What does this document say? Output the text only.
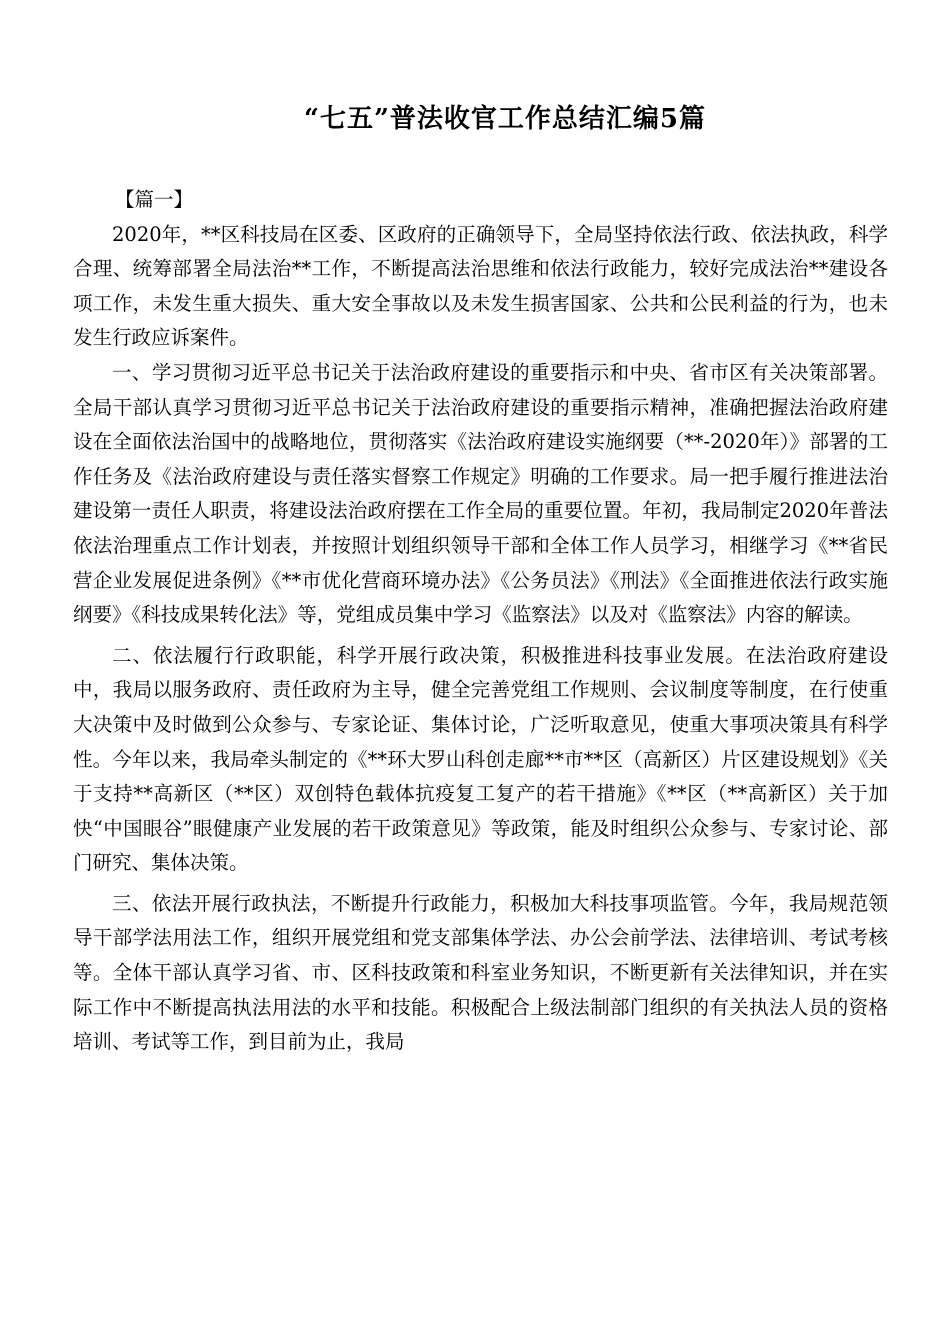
“七五”普法收官工作总结汇编5篇

【篇一】

2020年，**区科技局在区委、区政府的正确领导下，全局坚持依法行政、依法执政，科学合理、统筹部署全局法治**工作，不断提高法治思维和依法行政能力，较好完成法治**建设各项工作，未发生重大损失、重大安全事故以及未发生损害国家、公共和公民利益的行为，也未发生行政应诉案件。

一、学习贯彻习近平总书记关于法治政府建设的重要指示和中央、省市区有关决策部署。全局干部认真学习贯彻习近平总书记关于法治政府建设的重要指示精神，准确把握法治政府建设在全面依法治国中的战略地位，贯彻落实《法治政府建设实施纲要（**-2020年）》部署的工作任务及《法治政府建设与责任落实督察工作规定》明确的工作要求。局一把手履行推进法治建设第一责任人职责，将建设法治政府摆在工作全局的重要位置。年初，我局制定2020年普法依法治理重点工作计划表，并按照计划组织领导干部和全体工作人员学习，相继学习《**省民营企业发展促进条例》《**市优化营商环境办法》《公务员法》《刑法》《全面推进依法行政实施纲要》《科技成果转化法》等，党组成员集中学习《监察法》以及对《监察法》内容的解读。

二、依法履行行政职能，科学开展行政决策，积极推进科技事业发展。在法治政府建设中，我局以服务政府、责任政府为主导，健全完善党组工作规则、会议制度等制度，在行使重大决策中及时做到公众参与、专家论证、集体讨论，广泛听取意见，使重大事项决策具有科学性。今年以来，我局牵头制定的《**环大罗山科创走廊**市**区（高新区）片区建设规划》《关于支持**高新区（**区）双创特色载体抗疫复工复产的若干措施》《**区（**高新区）关于加快“中国眼谷”眼健康产业发展的若干政策意见》等政策，能及时组织公众参与、专家讨论、部门研究、集体决策。

三、依法开展行政执法，不断提升行政能力，积极加大科技事项监管。今年，我局规范领导干部学法用法工作，组织开展党组和党支部集体学法、办公会前学法、法律培训、考试考核等。全体干部认真学习省、市、区科技政策和科室业务知识，不断更新有关法律知识，并在实际工作中不断提高执法用法的水平和技能。积极配合上级法制部门组织的有关执法人员的资格培训、考试等工作，到目前为止，我局
